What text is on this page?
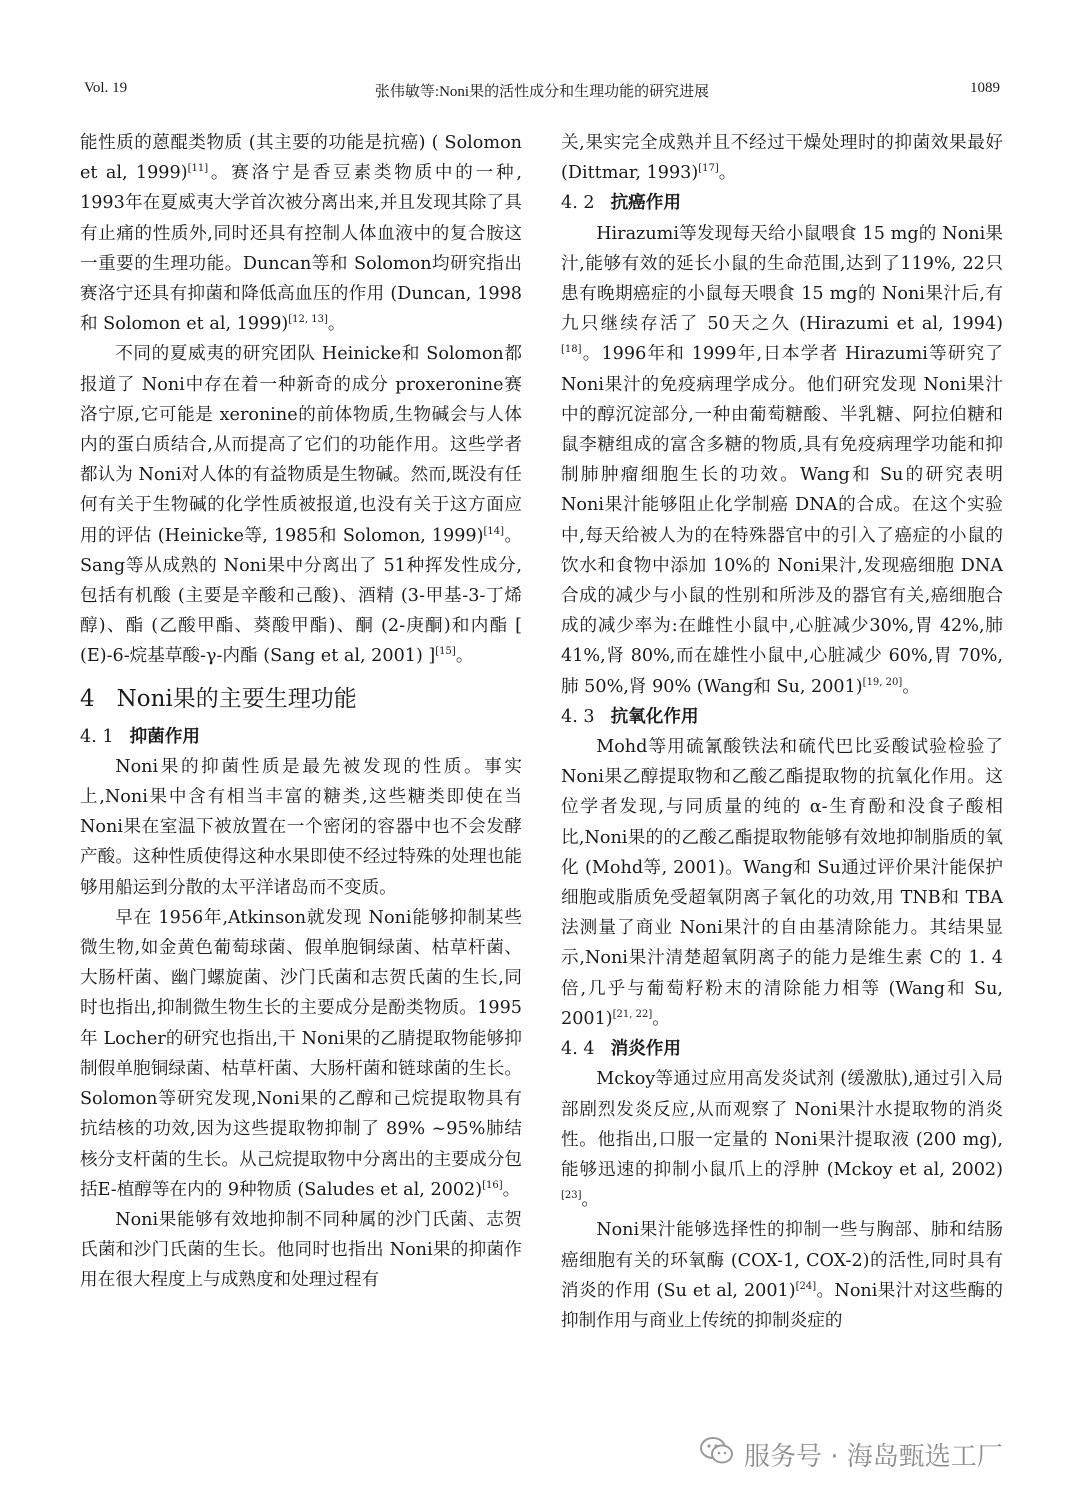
Vol. 19	张伟敏等:Noni果的活性成分和生理功能的研究进展	1089

能性质的蒽醌类物质 (其主要的功能是抗癌) ( Solomon et al, 1999)[11]。赛洛宁是香豆素类物质中的一种, 1993年在夏威夷大学首次被分离出来,并且发现其除了具有止痛的性质外,同时还具有控制人体血液中的复合胺这一重要的生理功能。Duncan等和 Solomon均研究指出赛洛宁还具有抑菌和降低高血压的作用 (Duncan, 1998 和 Solomon et al, 1999)[12, 13]。

不同的夏威夷的研究团队 Heinicke和 Solomon都报道了 Noni中存在着一种新奇的成分 proxeronine赛洛宁原,它可能是 xeronine的前体物质,生物碱会与人体内的蛋白质结合,从而提高了它们的功能作用。这些学者都认为 Noni对人体的有益物质是生物碱。然而,既没有任何有关于生物碱的化学性质被报道,也没有关于这方面应用的评估 (Heinicke等, 1985和 Solomon, 1999)[14]。Sang等从成熟的 Noni果中分离出了 51种挥发性成分,包括有机酸 (主要是辛酸和己酸)、酒精 (3-甲基-3-丁烯醇)、酯 (乙酸甲酯、葵酸甲酯)、酮 (2-庚酮)和内酯 [ (E)-6-烷基草酸-γ-内酯 (Sang et al, 2001) ][15]。

4 Noni果的主要生理功能
4. 1 抑菌作用

Noni果的抑菌性质是最先被发现的性质。事实上,Noni果中含有相当丰富的糖类,这些糖类即使在当 Noni果在室温下被放置在一个密闭的容器中也不会发酵产酸。这种性质使得这种水果即使不经过特殊的处理也能够用船运到分散的太平洋诸岛而不变质。

早在 1956年,Atkinson就发现 Noni能够抑制某些微生物,如金黄色葡萄球菌、假单胞铜绿菌、枯草杆菌、大肠杆菌、幽门螺旋菌、沙门氏菌和志贺氏菌的生长,同时也指出,抑制微生物生长的主要成分是酚类物质。1995年 Locher的研究也指出,干 Noni果的乙腈提取物能够抑制假单胞铜绿菌、枯草杆菌、大肠杆菌和链球菌的生长。Solomon等研究发现,Noni果的乙醇和己烷提取物具有抗结核的功效,因为这些提取物抑制了 89% ~95%肺结核分支杆菌的生长。从己烷提取物中分离出的主要成分包括E-植醇等在内的 9种物质 (Saludes et al, 2002)[16]。

Noni果能够有效地抑制不同种属的沙门氏菌、志贺氏菌和沙门氏菌的生长。他同时也指出 Noni果的抑菌作用在很大程度上与成熟度和处理过程有

关,果实完全成熟并且不经过干燥处理时的抑菌效果最好 (Dittmar, 1993)[17]。

4. 2 抗癌作用

Hirazumi等发现每天给小鼠喂食 15 mg的 Noni果汁,能够有效的延长小鼠的生命范围,达到了119%, 22只患有晚期癌症的小鼠每天喂食 15 mg的 Noni果汁后,有九只继续存活了 50天之久 (Hirazumi et al, 1994)[18]。1996年和 1999年,日本学者 Hirazumi等研究了 Noni果汁的免疫病理学成分。他们研究发现 Noni果汁中的醇沉淀部分,一种由葡萄糖酸、半乳糖、阿拉伯糖和鼠李糖组成的富含多糖的物质,具有免疫病理学功能和抑制肺肿瘤细胞生长的功效。Wang和 Su的研究表明 Noni果汁能够阻止化学制癌 DNA的合成。在这个实验中,每天给被人为的在特殊器官中的引入了癌症的小鼠的饮水和食物中添加 10%的 Noni果汁,发现癌细胞 DNA合成的减少与小鼠的性别和所涉及的器官有关,癌细胞合成的减少率为:在雌性小鼠中,心脏减少30%,胃 42%,肺 41%,肾 80%,而在雄性小鼠中,心脏减少 60%,胃 70%,肺 50%,肾 90% (Wang和 Su, 2001)[19, 20]。

4. 3 抗氧化作用

Mohd等用硫氰酸铁法和硫代巴比妥酸试验检验了 Noni果乙醇提取物和乙酸乙酯提取物的抗氧化作用。这位学者发现,与同质量的纯的 α-生育酚和没食子酸相比,Noni果的的乙酸乙酯提取物能够有效地抑制脂质的氧化 (Mohd等, 2001)。Wang和 Su通过评价果汁能保护细胞或脂质免受超氧阴离子氧化的功效,用 TNB和 TBA法测量了商业 Noni果汁的自由基清除能力。其结果显示,Noni果汁清楚超氧阴离子的能力是维生素 C的 1. 4倍,几乎与葡萄籽粉末的清除能力相等 (Wang和 Su, 2001)[21, 22]。

4. 4 消炎作用

Mckoy等通过应用高发炎试剂 (缓激肽),通过引入局部剧烈发炎反应,从而观察了 Noni果汁水提取物的消炎性。他指出,口服一定量的 Noni果汁提取液 (200 mg),能够迅速的抑制小鼠爪上的浮肿 (Mckoy et al, 2002)[23]。

Noni果汁能够选择性的抑制一些与胸部、肺和结肠癌细胞有关的环氧酶 (COX-1, COX-2)的活性,同时具有消炎的作用 (Su et al, 2001)[24]。Noni果汁对这些酶的抑制作用与商业上传统的抑制炎症的

服务号 · 海岛甄选工厂
